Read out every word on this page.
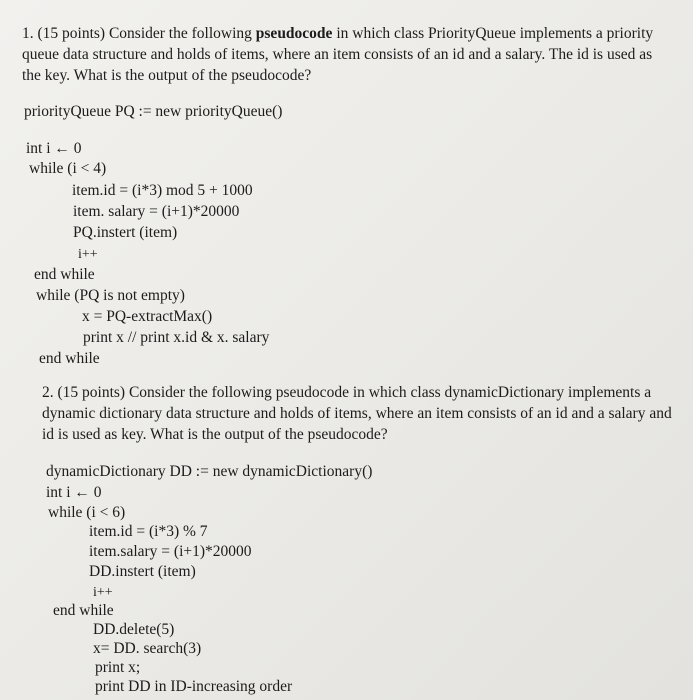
1. (15 points) Consider the following pseudocode in which class PriorityQueue implements a priority
queue data structure and holds of items, where an item consists of an id and a salary. The id is used as
the key. What is the output of the pseudocode?
priorityQueue PQ := new priorityQueue()
int i ← 0
while (i < 4)
item.id = (i*3) mod 5 + 1000
item. salary = (i+1)*20000
PQ.instert (item)
i++
end while
while (PQ is not empty)
x = PQ-extractMax()
print x // print x.id & x. salary
end while
2. (15 points) Consider the following pseudocode in which class dynamicDictionary implements a
dynamic dictionary data structure and holds of items, where an item consists of an id and a salary and
id is used as key. What is the output of the pseudocode?
dynamicDictionary DD := new dynamicDictionary()
int i ← 0
while (i < 6)
item.id = (i*3) % 7
item.salary = (i+1)*20000
DD.instert (item)
i++
end while
DD.delete(5)
x= DD. search(3)
print x;
print DD in ID-increasing order
